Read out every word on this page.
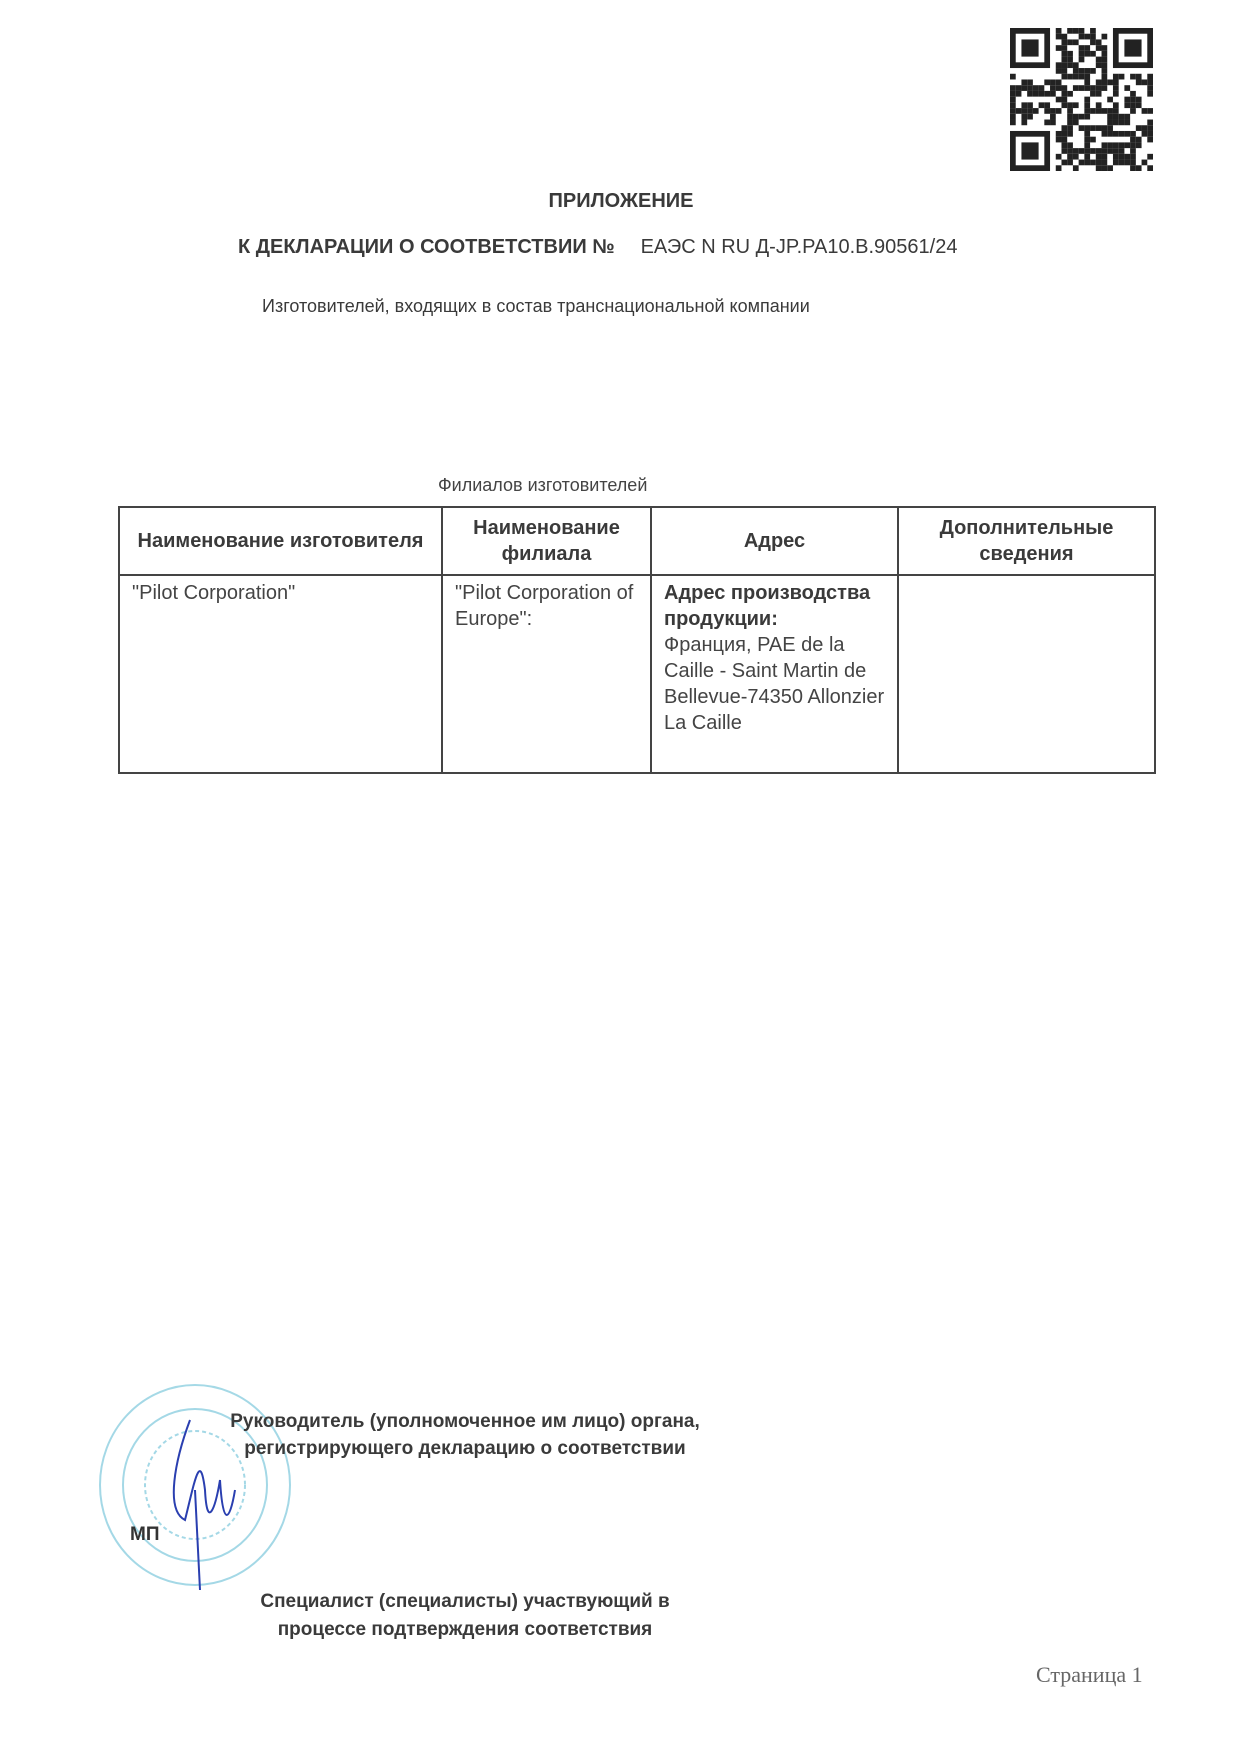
ПРИЛОЖЕНИЕ
К ДЕКЛАРАЦИИ О СООТВЕТСТВИИ № ЕАЭС N RU Д-JP.PA10.B.90561/24
Изготовителей, входящих в состав транснациональной компании
Филиалов изготовителей
Наименование изготовителя	Наименование филиала	Адрес	Дополнительные сведения
"Pilot Corporation"	"Pilot Corporation of Europe":	Адрес производства продукции:
Франция, PAE de la Caille - Saint Martin de Bellevue-74350 Allonzier La Caille	

Руководитель (уполномоченное им лицо) органа, регистрирующего декларацию о соответствии
МП
Специалист (специалисты) участвующий в процессе подтверждения соответствия
Страница 1
